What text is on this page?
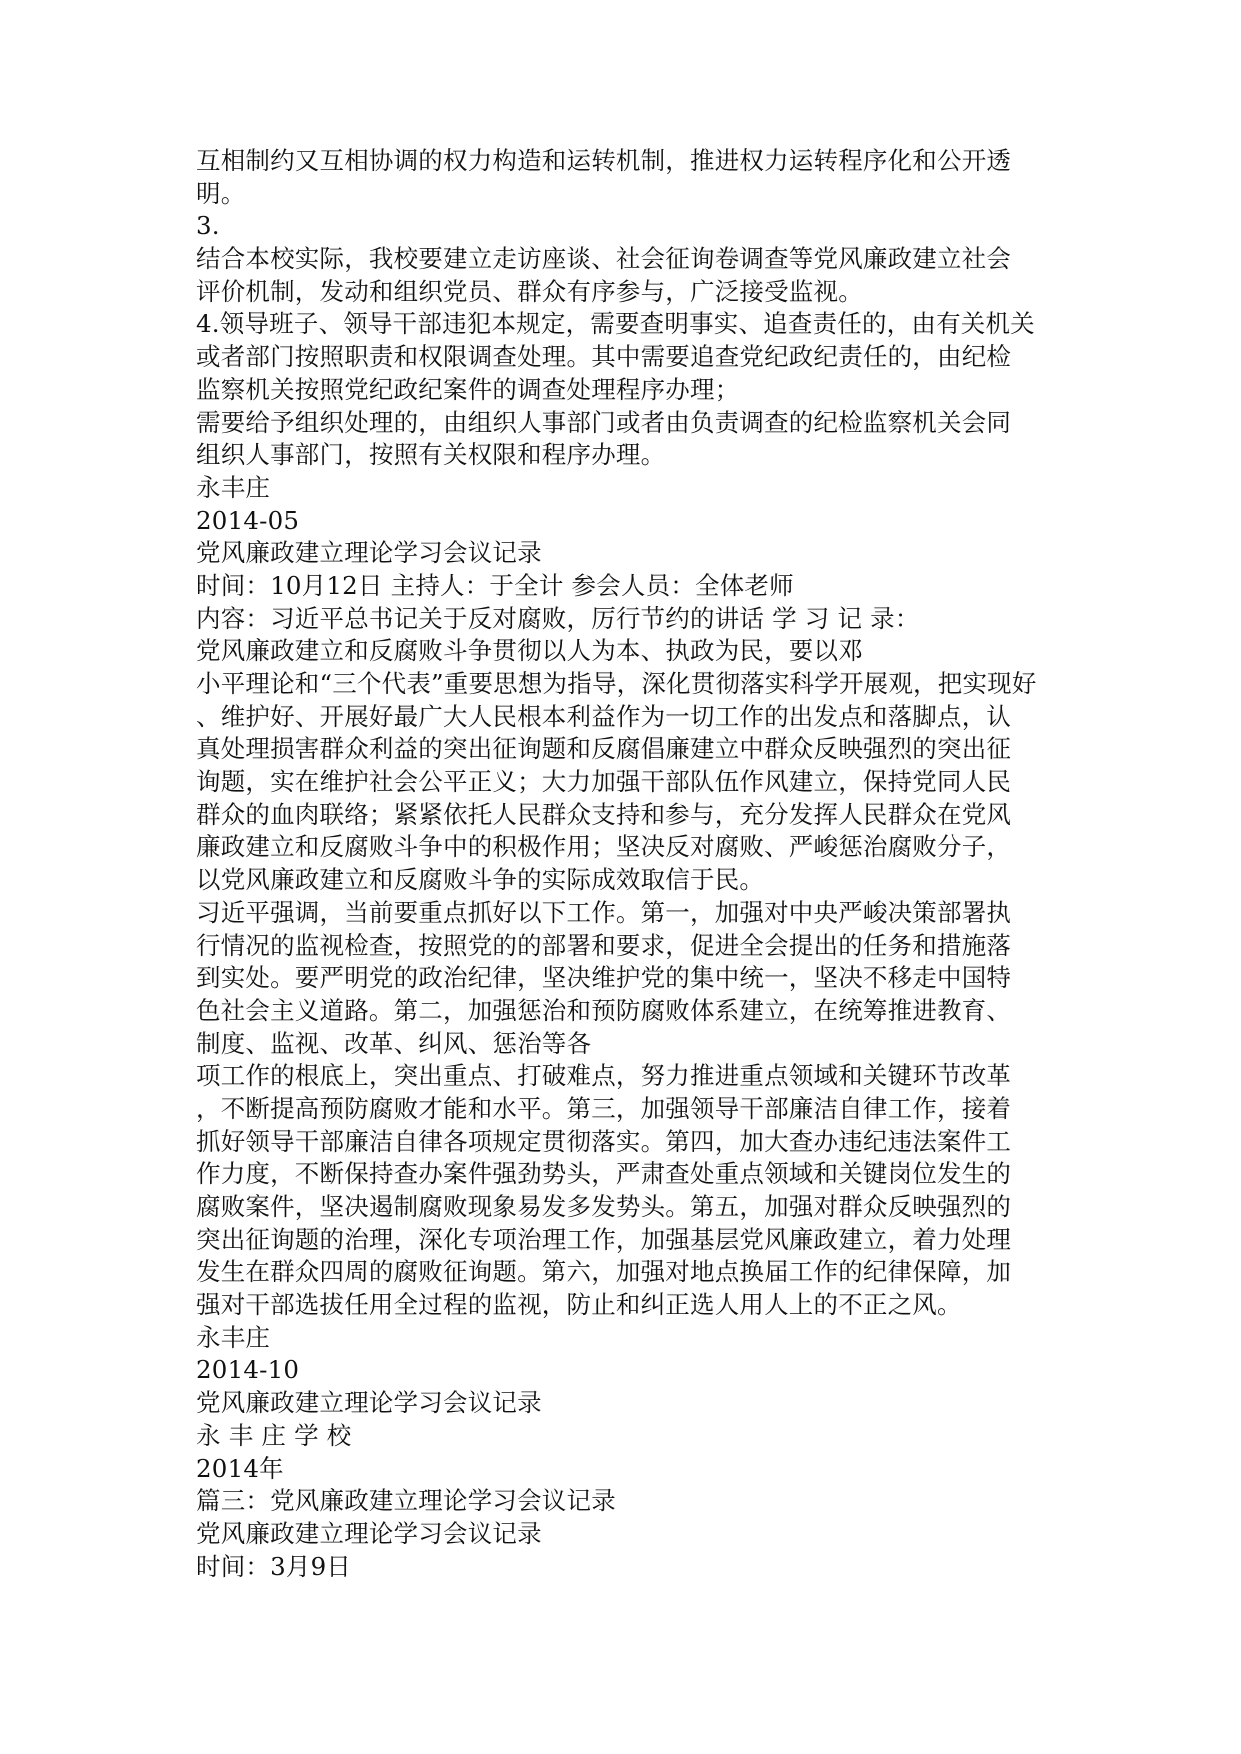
互相制约又互相协调的权力构造和运转机制，推进权力运转程序化和公开透
明。
3.
结合本校实际，我校要建立走访座谈、社会征询卷调查等党风廉政建立社会
评价机制，发动和组织党员、群众有序参与，广泛接受监视。
4.领导班子、领导干部违犯本规定，需要查明事实、追查责任的，由有关机关
或者部门按照职责和权限调查处理。其中需要追查党纪政纪责任的，由纪检
监察机关按照党纪政纪案件的调查处理程序办理；
需要给予组织处理的，由组织人事部门或者由负责调查的纪检监察机关会同
组织人事部门，按照有关权限和程序办理。
永丰庄
2014-05
党风廉政建立理论学习会议记录
时间：10月12日 主持人：于全计 参会人员：全体老师
内容：习近平总书记关于反对腐败，厉行节约的讲话 学 习 记 录：
党风廉政建立和反腐败斗争贯彻以人为本、执政为民，要以邓
小平理论和“三个代表”重要思想为指导，深化贯彻落实科学开展观，把实现好
、维护好、开展好最广大人民根本利益作为一切工作的出发点和落脚点，认
真处理损害群众利益的突出征询题和反腐倡廉建立中群众反映强烈的突出征
询题，实在维护社会公平正义；大力加强干部队伍作风建立，保持党同人民
群众的血肉联络；紧紧依托人民群众支持和参与，充分发挥人民群众在党风
廉政建立和反腐败斗争中的积极作用；坚决反对腐败、严峻惩治腐败分子，
以党风廉政建立和反腐败斗争的实际成效取信于民。
习近平强调，当前要重点抓好以下工作。第一，加强对中央严峻决策部署执
行情况的监视检查，按照党的的部署和要求，促进全会提出的任务和措施落
到实处。要严明党的政治纪律，坚决维护党的集中统一，坚决不移走中国特
色社会主义道路。第二，加强惩治和预防腐败体系建立，在统筹推进教育、
制度、监视、改革、纠风、惩治等各
项工作的根底上，突出重点、打破难点，努力推进重点领域和关键环节改革
，不断提高预防腐败才能和水平。第三，加强领导干部廉洁自律工作，接着
抓好领导干部廉洁自律各项规定贯彻落实。第四，加大查办违纪违法案件工
作力度，不断保持查办案件强劲势头，严肃查处重点领域和关键岗位发生的
腐败案件，坚决遏制腐败现象易发多发势头。第五，加强对群众反映强烈的
突出征询题的治理，深化专项治理工作，加强基层党风廉政建立，着力处理
发生在群众四周的腐败征询题。第六，加强对地点换届工作的纪律保障，加
强对干部选拔任用全过程的监视，防止和纠正选人用人上的不正之风。
永丰庄
2014-10
党风廉政建立理论学习会议记录
永 丰 庄 学 校
2014年
篇三：党风廉政建立理论学习会议记录
党风廉政建立理论学习会议记录
时间：3月9日
